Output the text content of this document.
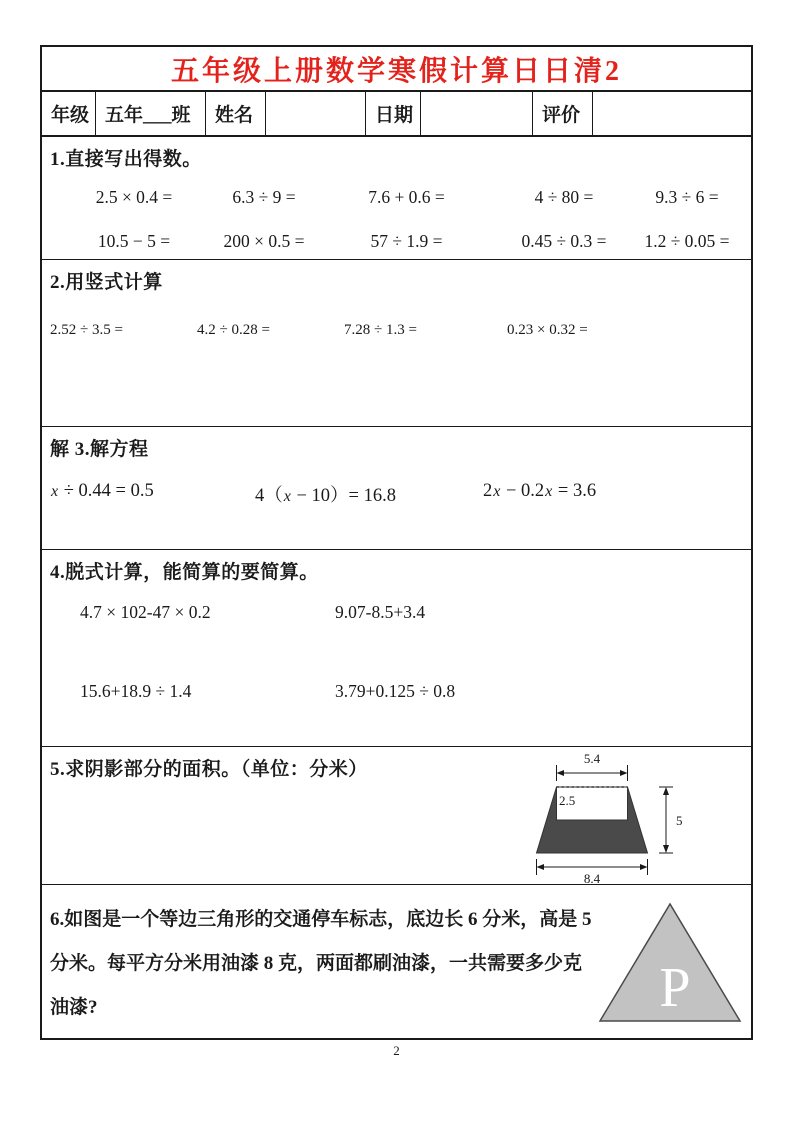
五年级上册数学寒假计算日日清2
年级 五年___班	姓名	日期	评价
1.直接写出得数。
2.5 × 0.4 =	6.3 ÷ 9 =	7.6 + 0.6 =	4 ÷ 80 =	9.3 ÷ 6 =
10.5 − 5 =	200 × 0.5 =	57 ÷ 1.9 =	0.45 ÷ 0.3 =	1.2 ÷ 0.05 =
2.用竖式计算
2.52 ÷ 3.5 =	4.2 ÷ 0.28 =	7.28 ÷ 1.3 =	0.23 × 0.32 =
解 3.解方程
x ÷ 0.44 = 0.5	4（x − 10）= 16.8	2x − 0.2x = 3.6
4.脱式计算，能简算的要简算。
4.7 × 102-47 × 0.2	9.07-8.5+3.4
15.6+18.9 ÷ 1.4	3.79+0.125 ÷ 0.8
5.求阴影部分的面积。（单位：分米）
5.4
2.5
5
8.4
6.如图是一个等边三角形的交通停车标志，底边长 6 分米，高是 5
分米。每平方分米用油漆 8 克，两面都刷油漆，一共需要多少克
油漆?	P
2
